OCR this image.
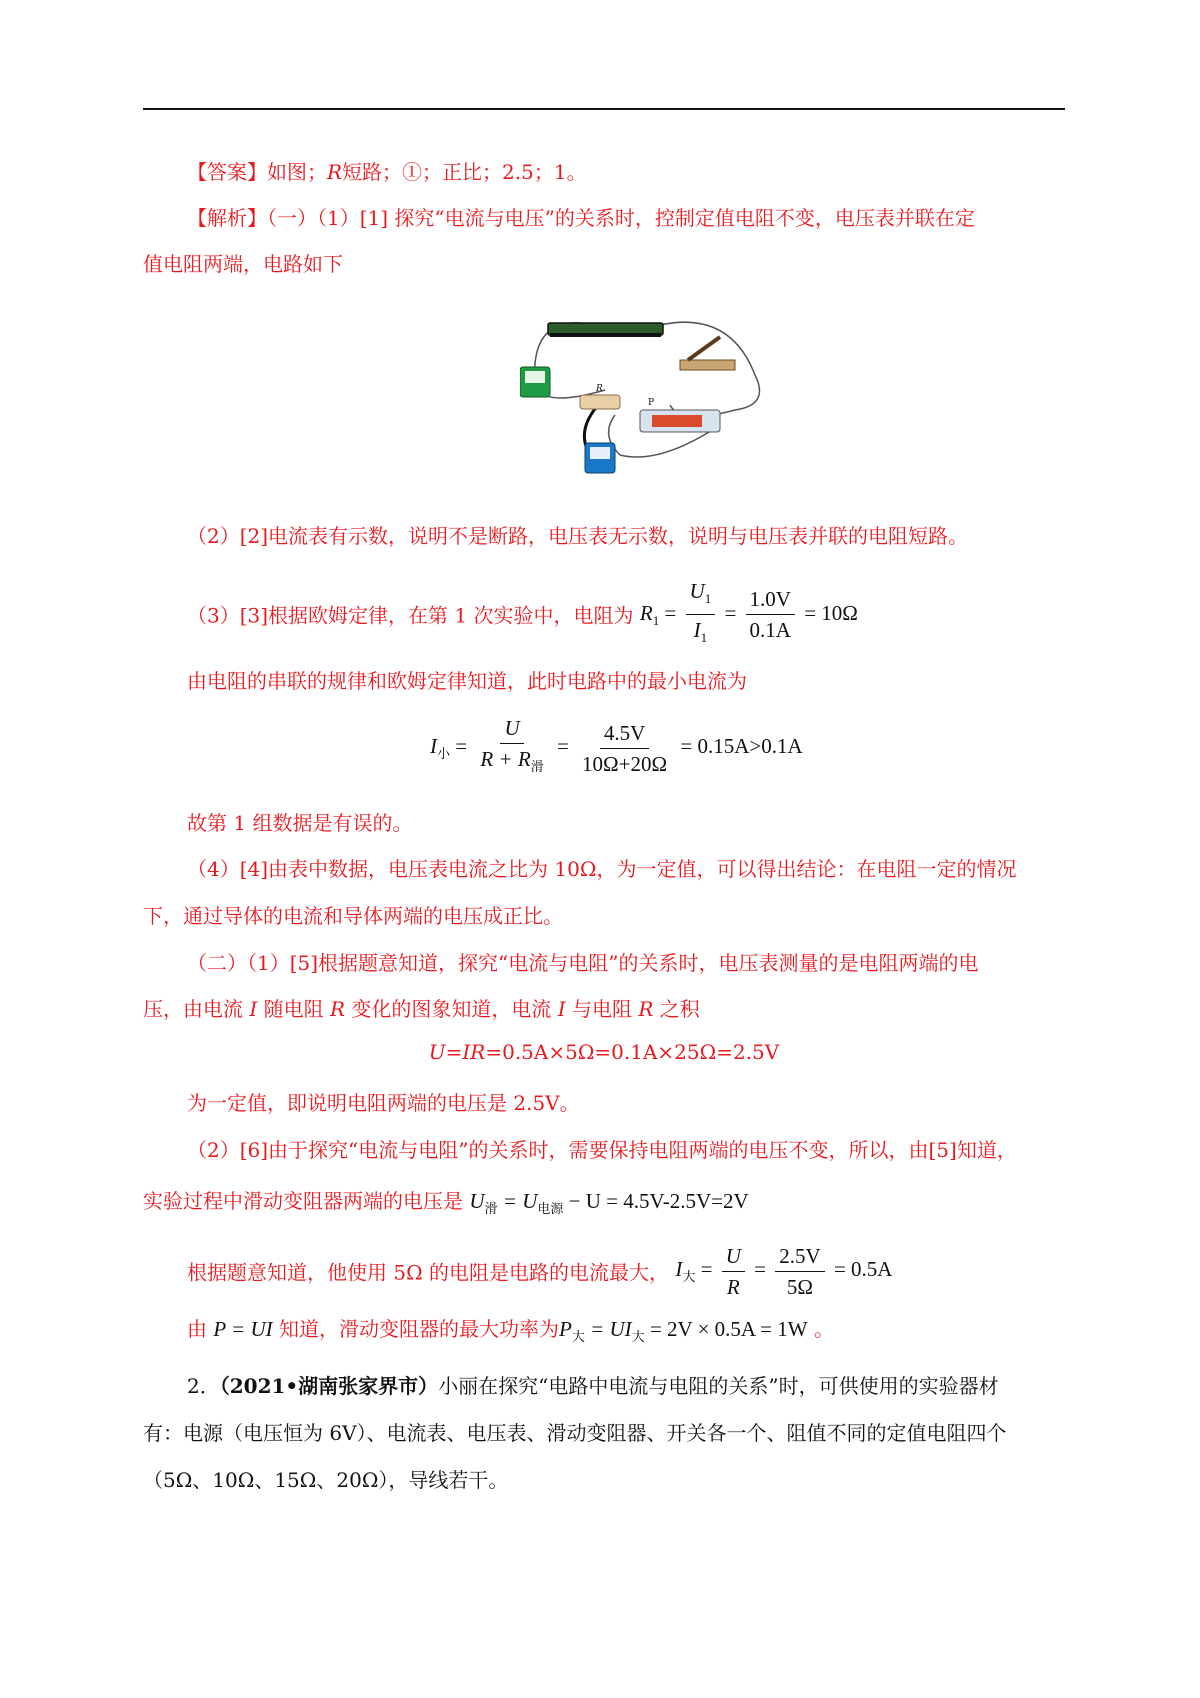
【答案】如图；R短路；①；正比；2.5；1。
【解析】（一）（1）[1] 探究“电流与电压”的关系时，控制定值电阻不变，电压表并联在定
值电阻两端，电路如下
R
P
（2）[2]电流表有示数，说明不是断路，电压表无示数，说明与电压表并联的电阻短路。
（3）[3]根据欧姆定律，在第 1 次实验中，电阻为 $R_1 = \frac{U_1}{I_1} = \frac{1.0V}{0.1A} = 10\Omega$
由电阻的串联的规律和欧姆定律知道，此时电路中的最小电流为
$I_小 = \frac{U}{R + R_滑} = \frac{4.5V}{10\Omega+20\Omega} = 0.15A>0.1A$
故第 1 组数据是有误的。
（4）[4]由表中数据，电压表电流之比为 10Ω，为一定值，可以得出结论：在电阻一定的情况
下，通过导体的电流和导体两端的电压成正比。
（二）（1）[5]根据题意知道，探究“电流与电阻”的关系时，电压表测量的是电阻两端的电
压，由电流 I 随电阻 R 变化的图象知道，电流 I 与电阻 R 之积
U=IR=0.5A×5Ω=0.1A×25Ω=2.5V
为一定值，即说明电阻两端的电压是 2.5V。
（2）[6]由于探究“电流与电阻”的关系时，需要保持电阻两端的电压不变，所以，由[5]知道，
实验过程中滑动变阻器两端的电压是 $U_滑 = U_{电源} - U = 4.5V-2.5V=2V$
根据题意知道，他使用 5Ω 的电阻是电路的电流最大， $I_大 = \frac{U}{R} = \frac{2.5V}{5\Omega} = 0.5A$
由 P = UI 知道，滑动变阻器的最大功率为$P_大 = UI_大 = 2V \times 0.5A = 1W$ 。
2．（2021•湖南张家界市）小丽在探究“电路中电流与电阻的关系”时，可供使用的实验器材
有：电源（电压恒为 6V）、电流表、电压表、滑动变阻器、开关各一个、阻值不同的定值电阻四个
（5Ω、10Ω、15Ω、20Ω），导线若干。
